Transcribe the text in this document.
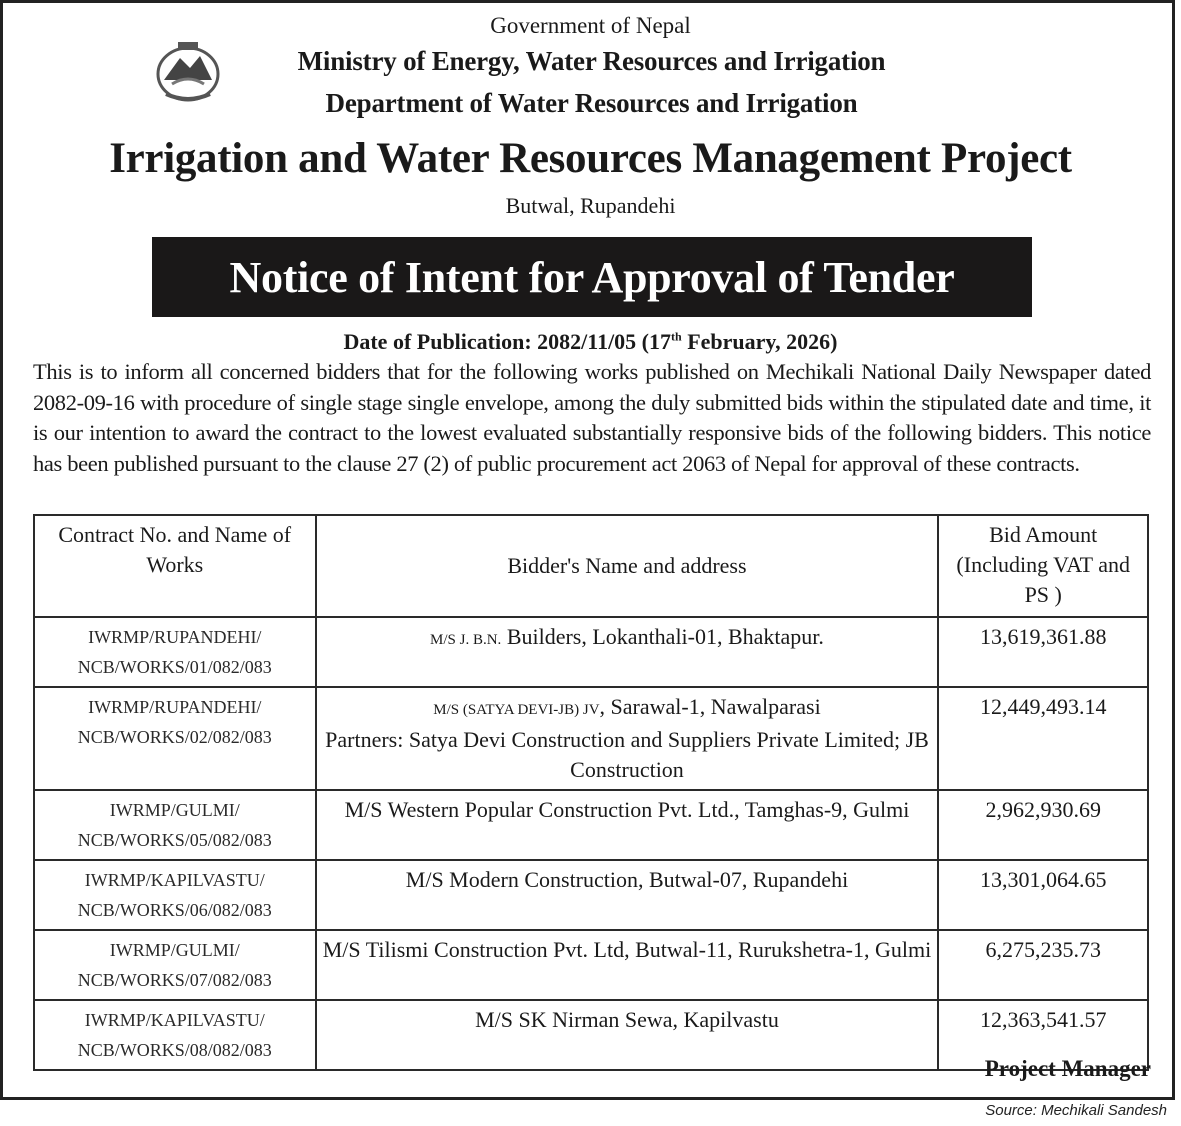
Government of Nepal
Ministry of Energy, Water Resources and Irrigation
Department of Water Resources and Irrigation
Irrigation and Water Resources Management Project
Butwal, Rupandehi
Notice of Intent for Approval of Tender
Date of Publication: 2082/11/05 (17th February, 2026)
This is to inform all concerned bidders that for the following works published on Mechikali National Daily Newspaper dated 2082-09-16 with procedure of single stage single envelope, among the duly submitted bids within the stipulated date and time, it is our intention to award the contract to the lowest evaluated substantially responsive bids of the following bidders. This notice has been published pursuant to the clause 27 (2) of public procurement act 2063 of Nepal for approval of these contracts.
Contract No. and Name of Works	Bidder's Name and address	Bid Amount (Including VAT and PS )
IWRMP/RUPANDEHI/
NCB/WORKS/01/082/083	M/S J. B.N. Builders, Lokanthali-01, Bhaktapur.	13,619,361.88
IWRMP/RUPANDEHI/
NCB/WORKS/02/082/083	M/S (SATYA DEVI-JB) JV, Sarawal-1, Nawalparasi
Partners: Satya Devi Construction and Suppliers Private Limited; JB Construction	12,449,493.14
IWRMP/GULMI/
NCB/WORKS/05/082/083	M/S Western Popular Construction Pvt. Ltd., Tamghas-9, Gulmi	2,962,930.69
IWRMP/KAPILVASTU/
NCB/WORKS/06/082/083	M/S Modern Construction, Butwal-07, Rupandehi	13,301,064.65
IWRMP/GULMI/
NCB/WORKS/07/082/083	M/S Tilismi Construction Pvt. Ltd, Butwal-11, Rurukshetra-1, Gulmi	6,275,235.73
IWRMP/KAPILVASTU/
NCB/WORKS/08/082/083	M/S SK Nirman Sewa, Kapilvastu	12,363,541.57
Project Manager
Source: Mechikali Sandesh
